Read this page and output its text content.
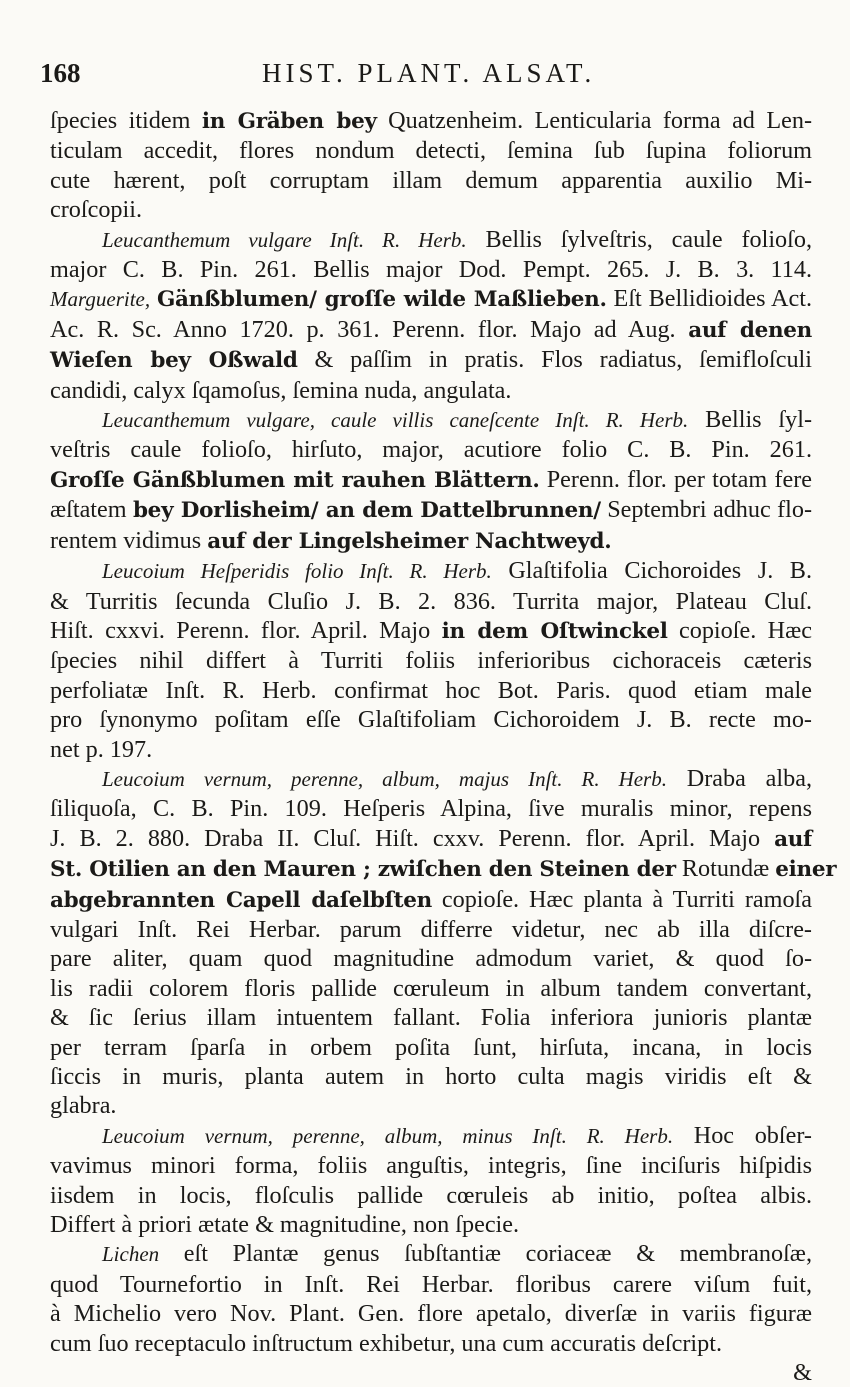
168	HIST. PLANT. ALSAT.
ſpecies itidem in Gräben bey Quatzenheim. Lenticularia forma ad Len-
ticulam accedit, flores nondum detecti, ſemina ſub ſupina foliorum
cute hærent, poſt corruptam illam demum apparentia auxilio Mi-
croſcopii.
Leucanthemum vulgare Inſt. R. Herb. Bellis ſylveſtris, caule folioſo,
major C. B. Pin. 261. Bellis major Dod. Pempt. 265. J. B. 3. 114.
Marguerite, Gänßblumen/ groſſe wilde Maßlieben. Eſt Bellidioides Act.
Ac. R. Sc. Anno 1720. p. 361. Perenn. flor. Majo ad Aug. auf denen
Wieſen bey Oßwald & paſſim in pratis. Flos radiatus, ſemifloſculi
candidi, calyx ſqamoſus, ſemina nuda, angulata.
Leucanthemum vulgare, caule villis caneſcente Inſt. R. Herb. Bellis ſyl-
veſtris caule folioſo, hirſuto, major, acutiore folio C. B. Pin. 261.
Groſſe Gänßblumen mit rauhen Blättern. Perenn. flor. per totam fere
æſtatem bey Dorlisheim/ an dem Dattelbrunnen/ Septembri adhuc flo-
rentem vidimus auf der Lingelsheimer Nachtweyd.
Leucoium Heſperidis folio Inſt. R. Herb. Glaſtifolia Cichoroides J. B.
& Turritis ſecunda Cluſio J. B. 2. 836. Turrita major, Plateau Cluſ.
Hiſt. cxxvi. Perenn. flor. April. Majo in dem Oſtwinckel copioſe. Hæc
ſpecies nihil differt à Turriti foliis inferioribus cichoraceis cæteris
perfoliatæ Inſt. R. Herb. confirmat hoc Bot. Paris. quod etiam male
pro ſynonymo poſitam eſſe Glaſtifoliam Cichoroidem J. B. recte mo-
net p. 197.
Leucoium vernum, perenne, album, majus Inſt. R. Herb. Draba alba,
ſiliquoſa, C. B. Pin. 109. Heſperis Alpina, ſive muralis minor, repens
J. B. 2. 880. Draba II. Cluſ. Hiſt. cxxv. Perenn. flor. April. Majo auf
St. Otilien an den Mauren ; zwiſchen den Steinen der Rotundæ einer
abgebrannten Capell daſelbſten copioſe. Hæc planta à Turriti ramoſa
vulgari Inſt. Rei Herbar. parum differre videtur, nec ab illa diſcre-
pare aliter, quam quod magnitudine admodum variet, & quod ſo-
lis radii colorem floris pallide cœruleum in album tandem convertant,
& ſic ſerius illam intuentem fallant. Folia inferiora junioris plantæ
per terram ſparſa in orbem poſita ſunt, hirſuta, incana, in locis
ſiccis in muris, planta autem in horto culta magis viridis eſt &
glabra.
Leucoium vernum, perenne, album, minus Inſt. R. Herb. Hoc obſer-
vavimus minori forma, foliis anguſtis, integris, ſine inciſuris hiſpidis
iisdem in locis, floſculis pallide cœruleis ab initio, poſtea albis.
Differt à priori ætate & magnitudine, non ſpecie.
Lichen eſt Plantæ genus ſubſtantiæ coriaceæ & membranoſæ,
quod Tournefortio in Inſt. Rei Herbar. floribus carere viſum fuit,
à Michelio vero Nov. Plant. Gen. flore apetalo, diverſæ in variis figuræ
cum ſuo receptaculo inſtructum exhibetur, una cum accuratis deſcript.
&
